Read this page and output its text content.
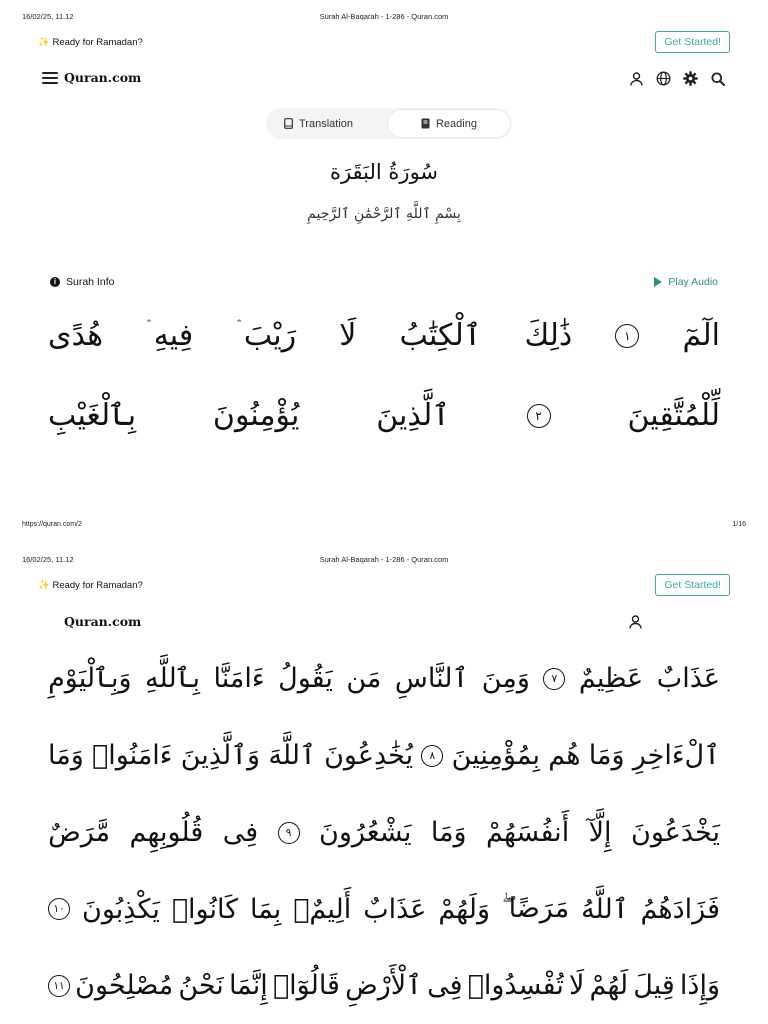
16/02/25, 11.12	Surah Al-Baqarah - 1-286 - Quran.com
✨ Ready for Ramadan?	Get Started!
Quran.com
Translation	Reading
سُورَةُ البَقَرَة
بِسْمِ ٱللَّهِ ٱلرَّحْمَٰنِ ٱلرَّحِيمِ
i Surah Info	Play Audio
الٓمٓ
١
ذَٰلِكَ
ٱلْكِتَٰبُ
لَا
رَيْبَ ۛ
فِيهِ ۛ
هُدًى
لِّلْمُتَّقِينَ
٢
ٱلَّذِينَ
يُؤْمِنُونَ
بِٱلْغَيْبِ
https://quran.com/2	1/16
16/02/25, 11.12	Surah Al-Baqarah - 1-286 - Quran.com
✨ Ready for Ramadan?	Get Started!
Quran.com
عَذَابٌ
عَظِيمٌ
٧
وَمِنَ
ٱلنَّاسِ
مَن
يَقُولُ
ءَامَنَّا
بِٱللَّهِ
وَبِٱلْيَوْمِ
ٱلْءَاخِرِ
وَمَا
هُم
بِمُؤْمِنِينَ
٨
يُخَٰدِعُونَ
ٱللَّهَ
وَٱلَّذِينَ
ءَامَنُوا۟
وَمَا
يَخْدَعُونَ
إِلَّآ
أَنفُسَهُمْ
وَمَا
يَشْعُرُونَ
٩
فِى
قُلُوبِهِم
مَّرَضٌ
فَزَادَهُمُ
ٱللَّهُ
مَرَضًا ۖ
وَلَهُمْ
عَذَابٌ
أَلِيمٌۢ
بِمَا
كَانُوا۟
يَكْذِبُونَ
١٠
وَإِذَا
قِيلَ
لَهُمْ
لَا
تُفْسِدُوا۟
فِى
ٱلْأَرْضِ
قَالُوٓا۟
إِنَّمَا
نَحْنُ
مُصْلِحُونَ
١١
